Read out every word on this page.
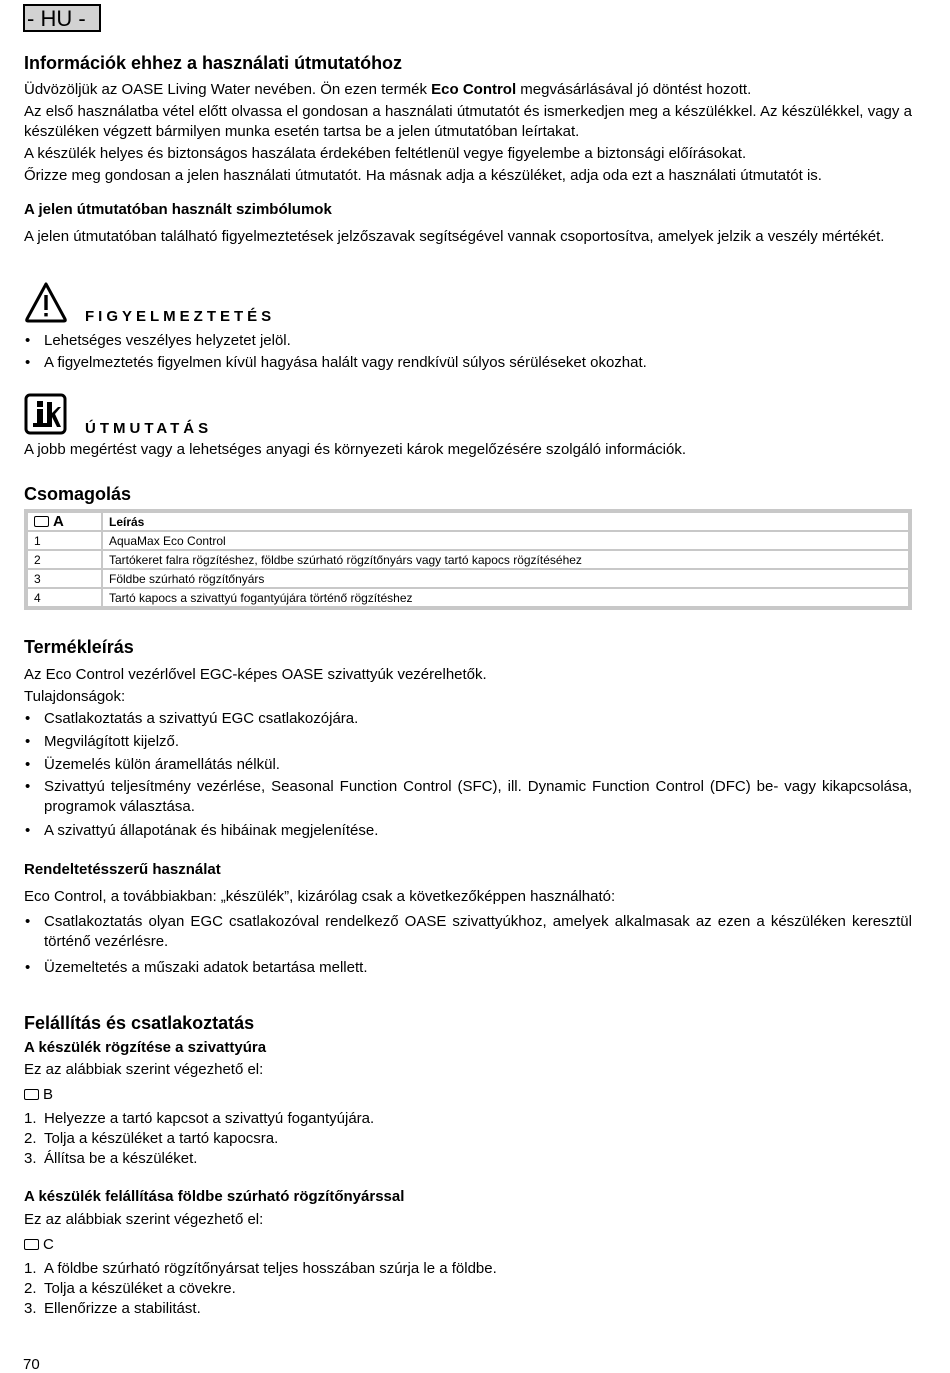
- HU -
Információk ehhez a használati útmutatóhoz

Üdvözöljük az OASE Living Water nevében. Ön ezen termék Eco Control megvásárlásával jó döntést hozott.

Az első használatba vétel előtt olvassa el gondosan a használati útmutatót és ismerkedjen meg a készülékkel. Az készülékkel, vagy a készüléken végzett bármilyen munka esetén tartsa be a jelen útmutatóban leírtakat.

A készülék helyes és biztonságos haszálata érdekében feltétlenül vegye figyelembe a biztonsági előírásokat.

Őrizze meg gondosan a jelen használati útmutatót. Ha másnak adja a készüléket, adja oda ezt a használati útmutatót is.

A jelen útmutatóban használt szimbólumok

A jelen útmutatóban található figyelmeztetések jelzőszavak segítségével vannak csoportosítva, amelyek jelzik a veszély mértékét.

FIGYELMEZTETÉS
• Lehetséges veszélyes helyzetet jelöl.
• A figyelmeztetés figyelmen kívül hagyása halált vagy rendkívül súlyos sérüléseket okozhat.
ÚTMUTATÁS

A jobb megértést vagy a lehetséges anyagi és környezeti károk megelőzésére szolgáló információk.

Csomagolás
A	Leírás
1	AquaMax Eco Control
2	Tartókeret falra rögzítéshez, földbe szúrható rögzítőnyárs vagy tartó kapocs rögzítéséhez
3	Földbe szúrható rögzítőnyárs
4	Tartó kapocs a szivattyú fogantyújára történő rögzítéshez
Termékleírás

Az Eco Control vezérlővel EGC-képes OASE szivattyúk vezérelhetők.

Tulajdonságok:

• Csatlakoztatás a szivattyú EGC csatlakozójára.
• Megvilágított kijelző.
• Üzemelés külön áramellátás nélkül.
• Szivattyú teljesítmény vezérlése, Seasonal Function Control (SFC), ill. Dynamic Function Control (DFC) be- vagy kikapcsolása, programok választása.
• A szivattyú állapotának és hibáinak megjelenítése.
Rendeltetésszerű használat

Eco Control, a továbbiakban: „készülék”, kizárólag csak a következőképpen használható:

• Csatlakoztatás olyan EGC csatlakozóval rendelkező OASE szivattyúkhoz, amelyek alkalmasak az ezen a készüléken keresztül történő vezérlésre.
• Üzemeltetés a műszaki adatok betartása mellett.
Felállítás és csatlakoztatás
A készülék rögzítése a szivattyúra

Ez az alábbiak szerint végezhető el:

B
1. Helyezze a tartó kapcsot a szivattyú fogantyújára.
2. Tolja a készüléket a tartó kapocsra.
3. Állítsa be a készüléket.
A készülék felállítása földbe szúrható rögzítőnyárssal

Ez az alábbiak szerint végezhető el:

C
1. A földbe szúrható rögzítőnyársat teljes hosszában szúrja le a földbe.
2. Tolja a készüléket a cövekre.
3. Ellenőrizze a stabilitást.
70
